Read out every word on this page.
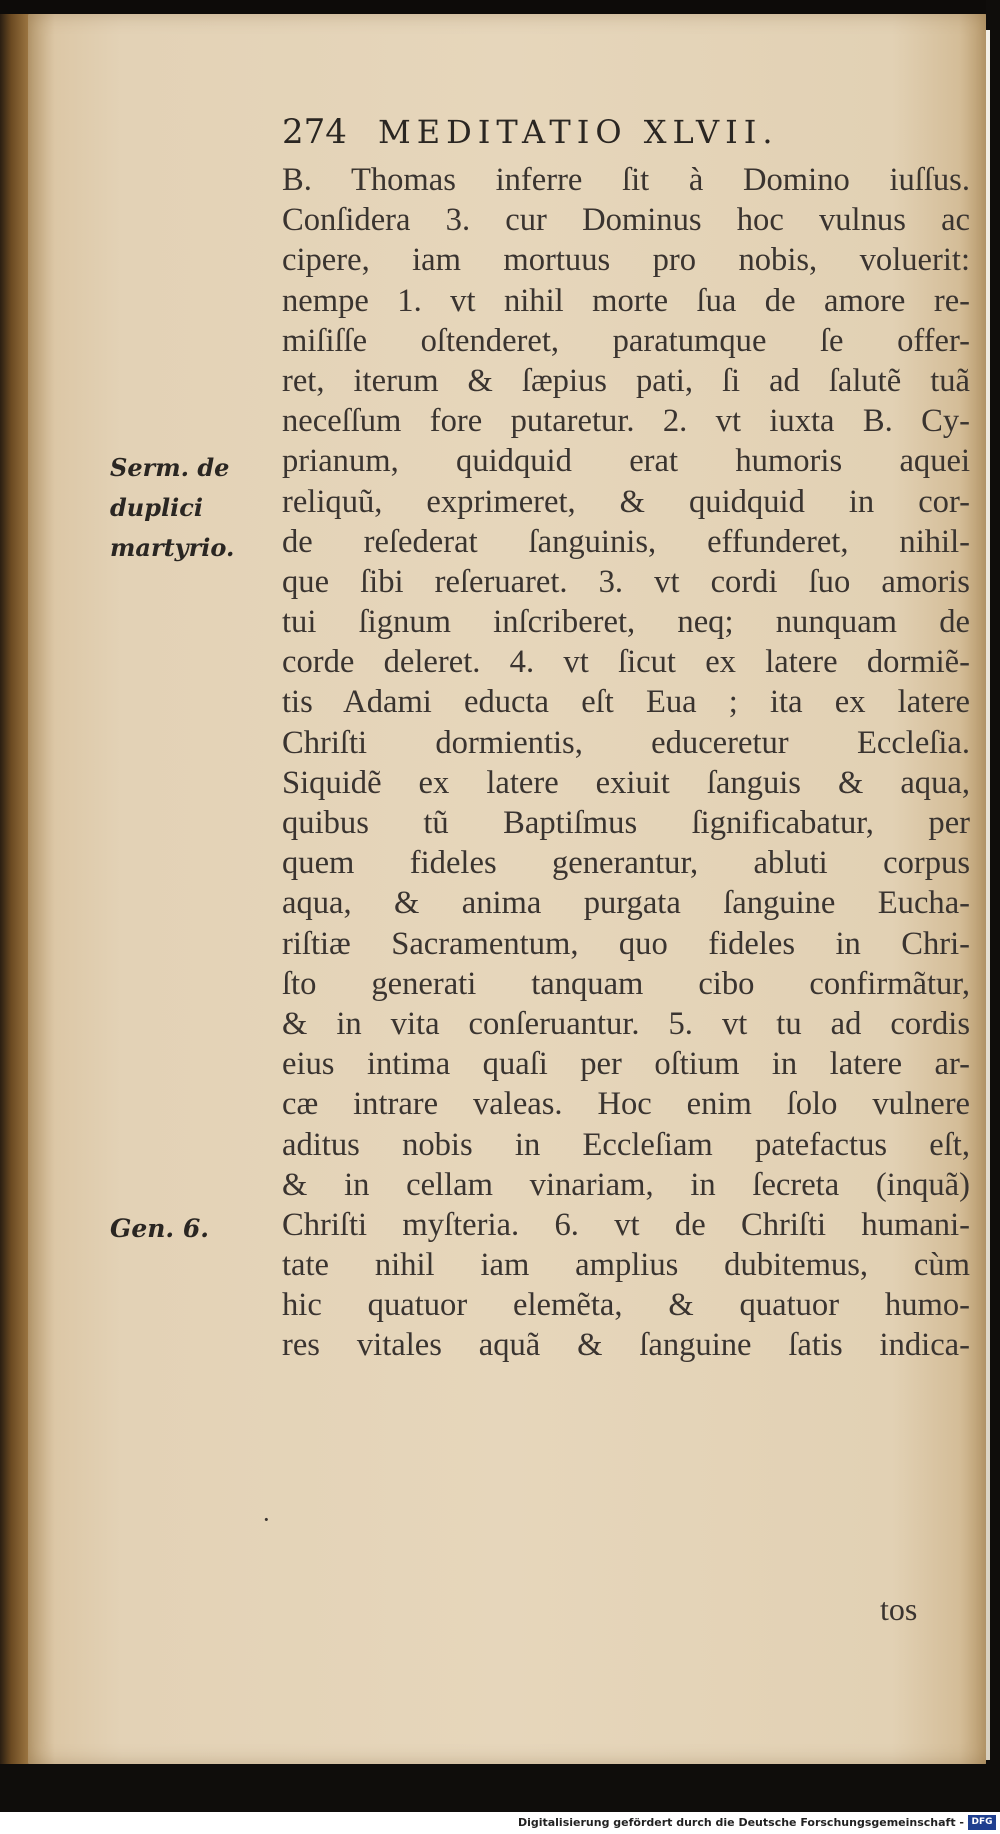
274 MEDITATIO XLVII.
Serm. de
duplici
martyrio.
Gen. 6.
·
B. Thomas inferre ſit à Domino iuſſus.
Conſidera 3. cur Dominus hoc vulnus ac
cipere, iam mortuus pro nobis, voluerit:
nempe 1. vt nihil morte ſua de amore re-
miſiſſe oſtenderet, paratumque ſe offer-
ret, iterum & ſæpius pati, ſi ad ſalutẽ tuã
neceſſum fore putaretur. 2. vt iuxta B. Cy-
prianum, quidquid erat humoris aquei
reliquũ, exprimeret, & quidquid in cor-
de reſederat ſanguinis, effunderet, nihil-
que ſibi reſeruaret. 3. vt cordi ſuo amoris
tui ſignum inſcriberet, neq; nunquam de
corde deleret. 4. vt ſicut ex latere dormiẽ-
tis Adami educta eſt Eua ; ita ex latere
Chriſti dormientis, educeretur Eccleſia.
Siquidẽ ex latere exiuit ſanguis & aqua,
quibus tũ Baptiſmus ſignificabatur, per
quem fideles generantur, abluti corpus
aqua, & anima purgata ſanguine Eucha-
riſtiæ Sacramentum, quo fideles in Chri-
ſto generati tanquam cibo confirmãtur,
& in vita conſeruantur. 5. vt tu ad cordis
eius intima quaſi per oſtium in latere ar-
cæ intrare valeas. Hoc enim ſolo vulnere
aditus nobis in Eccleſiam patefactus eſt,
& in cellam vinariam, in ſecreta (inquã)
Chriſti myſteria. 6. vt de Chriſti humani-
tate nihil iam amplius dubitemus, cùm
hic quatuor elemẽta, & quatuor humo-
res vitales aquã & ſanguine ſatis indica-
tos
Digitalisierung gefördert durch die Deutsche Forschungsgemeinschaft - DFG
